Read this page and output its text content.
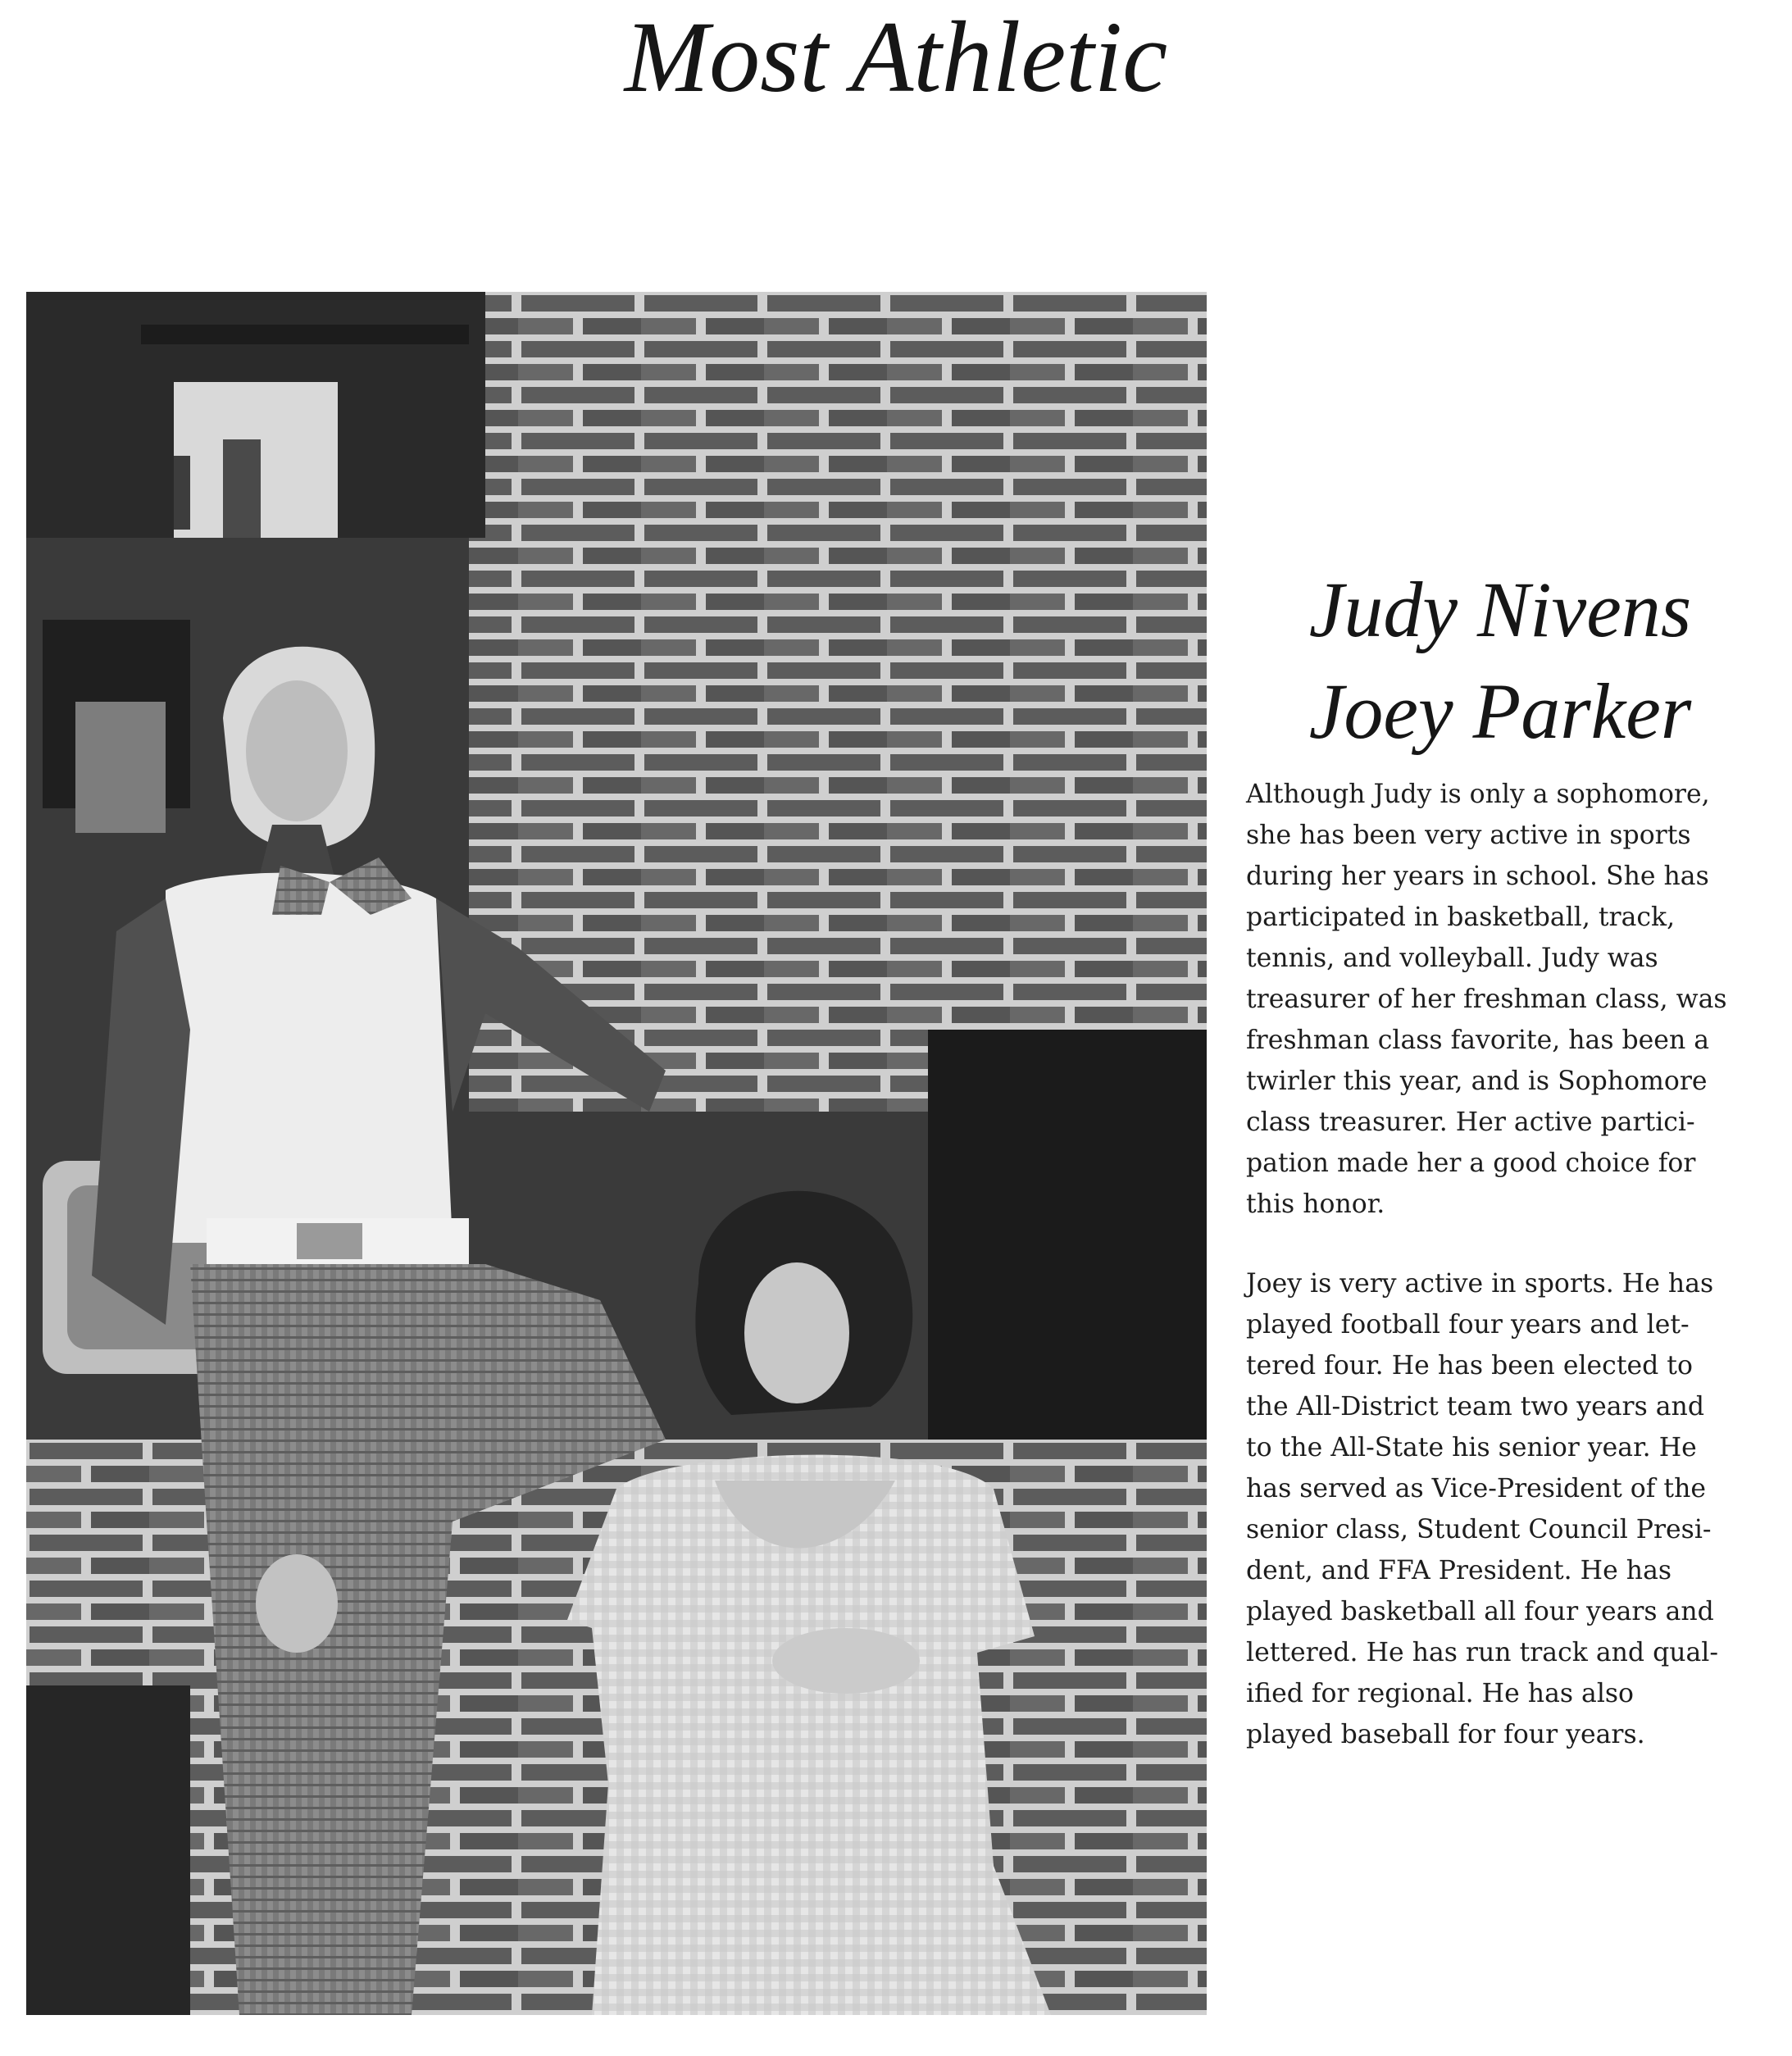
Most Athletic
Judy Nivens
Joey Parker
Although Judy is only a sophomore,
she has been very active in sports
during her years in school. She has
participated in basketball, track,
tennis, and volleyball. Judy was
treasurer of her freshman class, was
freshman class favorite, has been a
twirler this year, and is Sophomore
class treasurer. Her active partici-
pation made her a good choice for
this honor.
Joey is very active in sports. He has
played football four years and let-
tered four. He has been elected to
the All-District team two years and
to the All-State his senior year. He
has served as Vice-President of the
senior class, Student Council Presi-
dent, and FFA President. He has
played basketball all four years and
lettered. He has run track and qual-
ified for regional. He has also
played baseball for four years.
